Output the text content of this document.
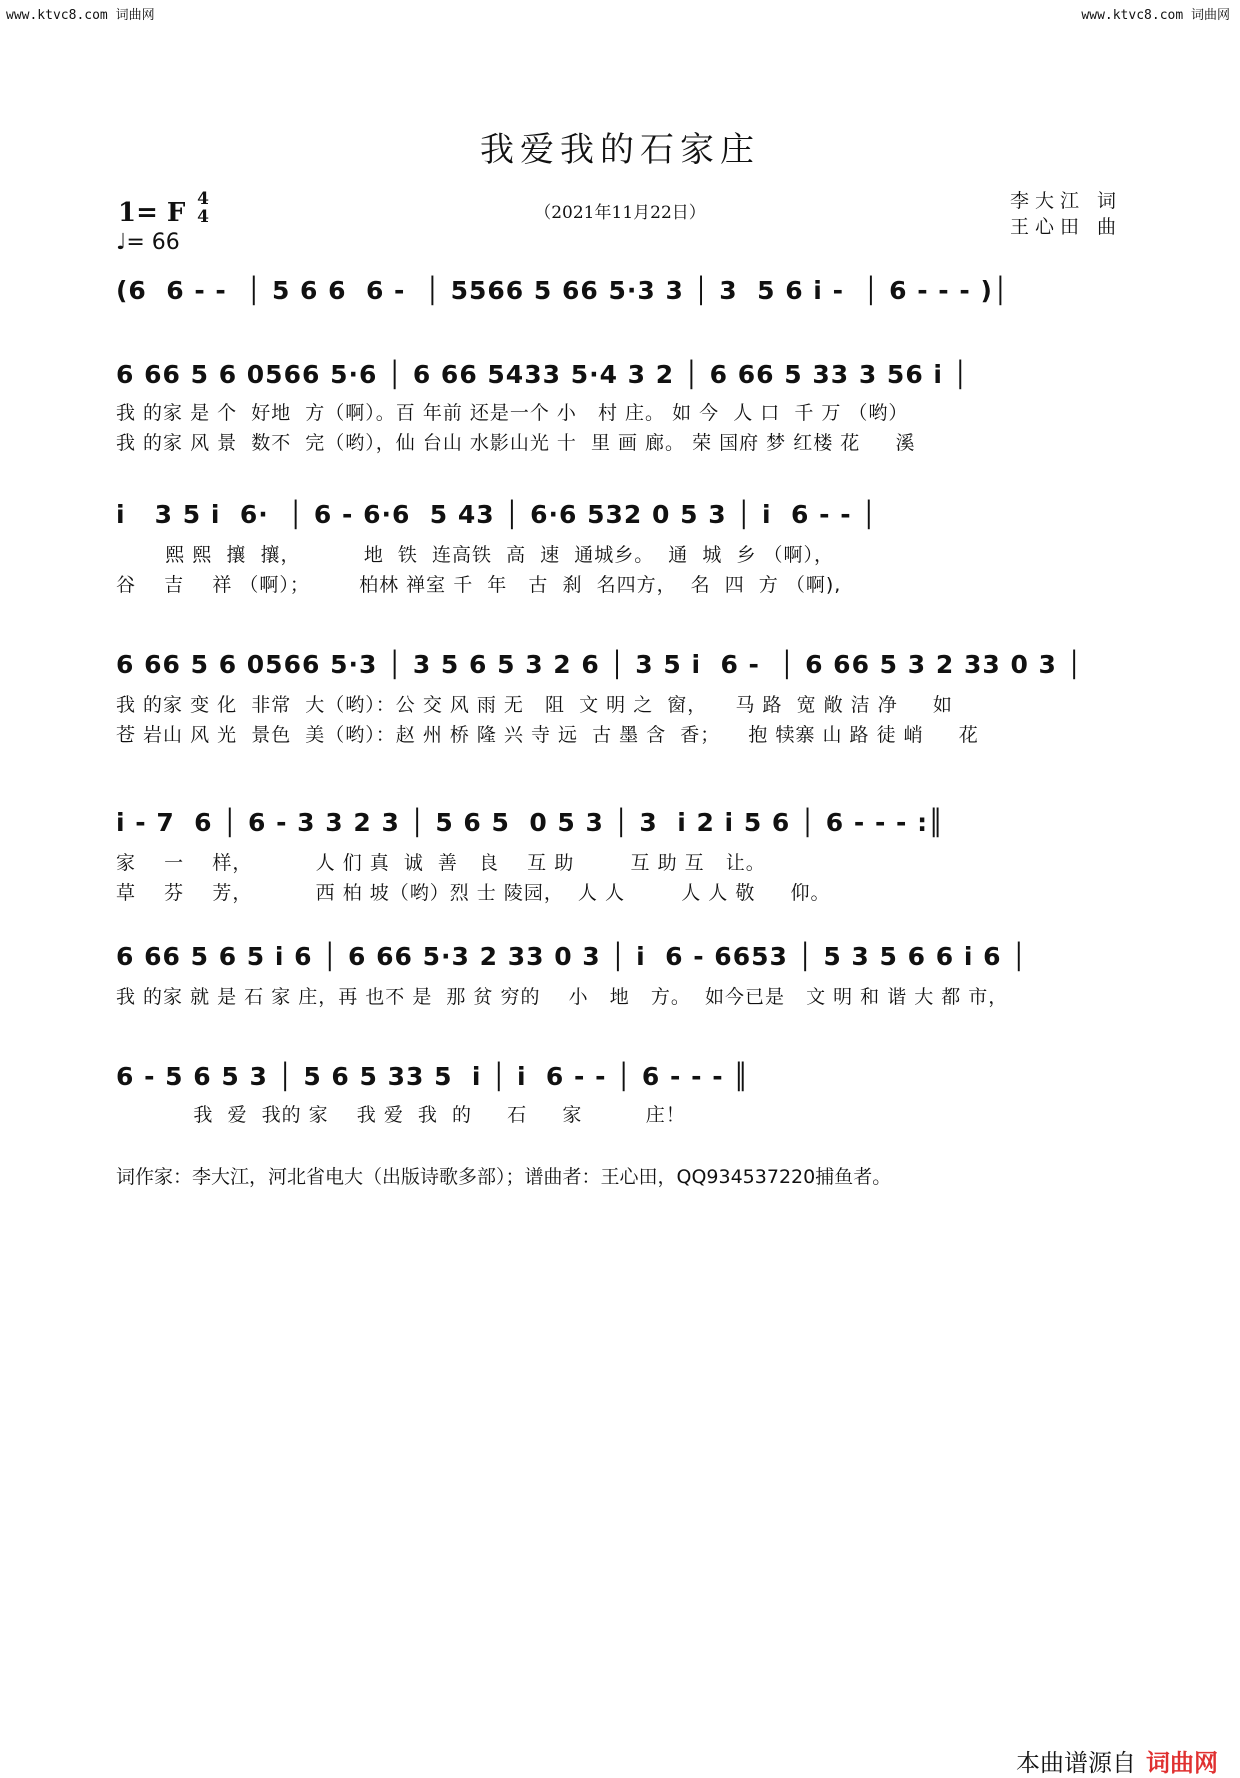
www.ktvc8.com 词曲网	www.ktvc8.com 词曲网
我爱我的石家庄
（2021年11月22日）
1= F 4
4
♩= 66
李大江 词
王心田 曲
(6  6 - -  │ 5 6 6  6 -  │ 5566 5 66 5·3 3 │ 3  5 6 i -  │ 6 - - - )│
6 66 5 6 0566 5·6 │ 6 66 5433 5·4 3 2 │ 6 66 5 33 3 56 i │
我 的家 是 个  好地  方（啊）。百 年前 还是一个 小   村 庄。 如 今  人 口  千 万 （哟）
我 的家 风 景  数不  完（哟），仙 台山 水影山光 十  里 画 廊。 荣 国府 梦 红楼 花     溪
i   3 5 i  6·  │ 6 - 6·6  5 43 │ 6·6 532 0 5 3 │ i  6 - - │
熙 熙  攘  攘，         地  铁  连高铁  高  速  通城乡。  通  城  乡 （啊），
谷    吉    祥 （啊）；       柏林 禅室 千  年   古  刹  名四方，  名  四  方 （啊),
6 66 5 6 0566 5·3 │ 3 5 6 5 3 2 6 │ 3 5 i  6 -  │ 6 66 5 3 2 33 0 3 │
我 的家 变 化  非常  大（哟）：公 交 风 雨 无   阻  文 明 之  窗，    马 路  宽 敞 洁 净     如
苍 岩山 风 光  景色  美（哟）：赵 州 桥 隆 兴 寺 远  古 墨 含  香；    抱 犊寨 山 路 徒 峭     花
i - 7  6 │ 6 - 3 3 2 3 │ 5 6 5  0 5 3 │ 3  i 2 i 5 6 │ 6 - - - :║
家    一    样，         人 们 真  诚  善   良    互 助        互 助 互   让。
草    芬    芳，         西 柏 坡（哟）烈 士 陵园，  人 人        人 人 敬     仰。
6 66 5 6 5 i 6 │ 6 66 5·3 2 33 0 3 │ i  6 - 6653 │ 5 3 5 6 6 i 6 │
我 的家 就 是 石 家 庄，再 也不 是  那 贫 穷的    小   地   方。  如今已是   文 明 和 谐 大 都 市，
6 - 5 6 5 3 │ 5 6 5 33 5  i │ i  6 - - │ 6 - - - ║
我  爱  我的 家    我 爱  我  的     石     家         庄！
词作家：李大江，河北省电大（出版诗歌多部）；谱曲者：王心田，QQ934537220捕鱼者。

本曲谱源自 词曲网
